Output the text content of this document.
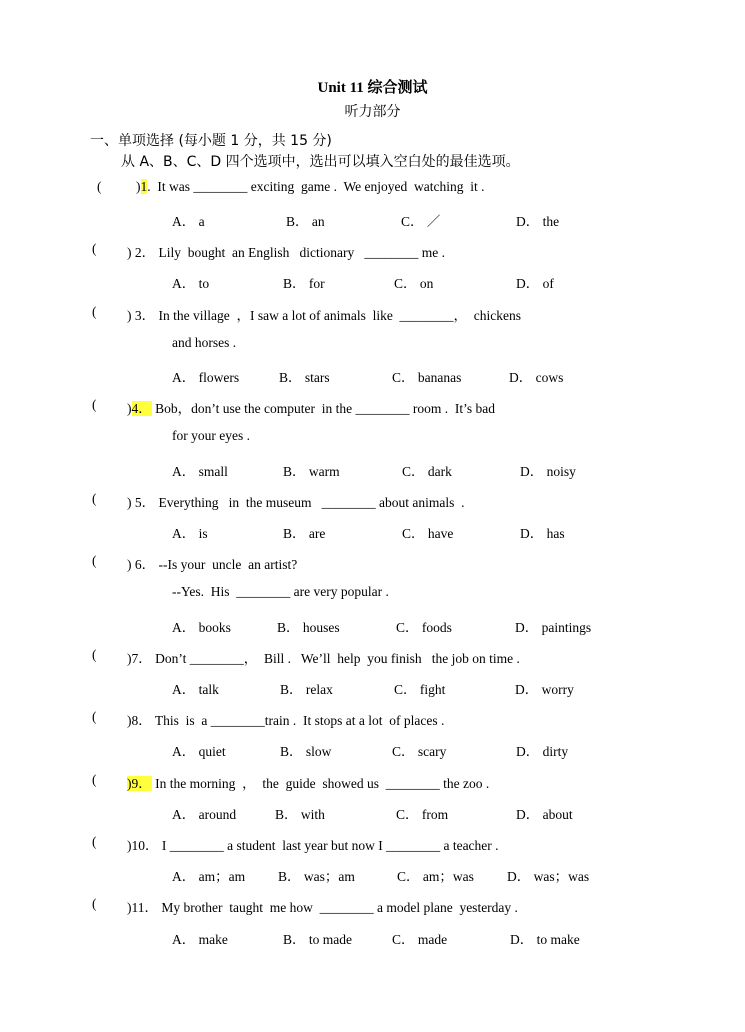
Unit 11 综合测试
听力部分
一、单项选择 (每小题 1 分，共 15 分)
从 A、B、C、D 四个选项中，选出可以填入空白处的最佳选项。
(	)1.  It was ________ exciting  game .  We enjoyed  watching  it .
A． a	B． an	C． ／	D． the
( ) 2． Lily  bought  an English   dictionary   ________ me .
A． to	B． for	C． on	D． of
( ) 3． In the village  ，I saw a lot of animals  like  ________，  chickens
and horses .
A． flowers	B． stars	C． bananas	D． cows
( )4． Bob，don’t use the computer  in the ________ room .  It’s bad
for your eyes .
A． small	B． warm	C． dark	D． noisy
( ) 5． Everything   in  the museum   ________ about animals  .
A． is	B． are	C． have	D． has
( ) 6． --Is your  uncle  an artist?
--Yes.  His  ________ are very popular .
A． books	B． houses	C． foods	D． paintings
( )7． Don’t ________，  Bill .   We’ll  help  you finish   the job on time .
A． talk	B． relax	C． fight	D． worry
( )8． This  is  a ________train .  It stops at a lot  of places .
A． quiet	B． slow	C． scary	D． dirty
( )9． In the morning  ，  the  guide  showed us  ________ the zoo .
A． around	B． with	C． from	D． about
( )10． I ________ a student  last year but now I ________ a teacher .
A． am；am B． was；am	C． am；was D． was；was
( )11． My brother  taught  me how  ________ a model plane  yesterday .
A． make	B． to made	C． made	D． to make
